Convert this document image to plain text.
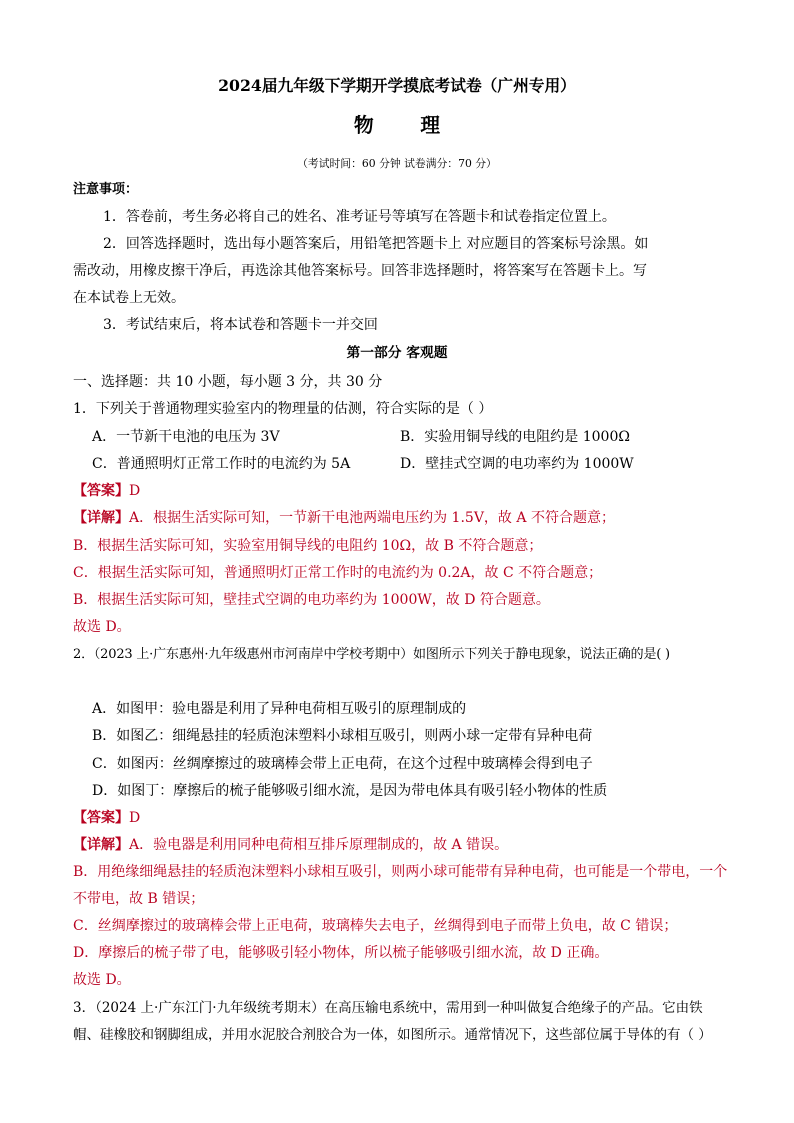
2024届九年级下学期开学摸底考试卷（广州专用）
物 理
（考试时间：60 分钟 试卷满分：70 分）
注意事项：
1．答卷前，考生务必将自己的姓名、准考证号等填写在答题卡和试卷指定位置上。
2．回答选择题时，选出每小题答案后，用铅笔把答题卡上 对应题目的答案标号涂黑。如
需改动，用橡皮擦干净后，再选涂其他答案标号。回答非选择题时，将答案写在答题卡上。写
在本试卷上无效。
3．考试结束后，将本试卷和答题卡一并交回
第一部分 客观题
一、选择题：共 10 小题，每小题 3 分，共 30 分
1．下列关于普通物理实验室内的物理量的估测，符合实际的是（ ）
A．一节新干电池的电压为 3V	B．实验用铜导线的电阻约是 1000Ω
C．普通照明灯正常工作时的电流约为 5A	D．壁挂式空调的电功率约为 1000W
【答案】D
【详解】A．根据生活实际可知，一节新干电池两端电压约为 1.5V，故 A 不符合题意；
B．根据生活实际可知，实验室用铜导线的电阻约 10Ω，故 B 不符合题意；
C．根据生活实际可知，普通照明灯正常工作时的电流约为 0.2A，故 C 不符合题意；
B．根据生活实际可知，壁挂式空调的电功率约为 1000W，故 D 符合题意。
故选 D。
2．（2023 上·广东惠州·九年级惠州市河南岸中学校考期中）如图所示下列关于静电现象，说法正确的是( )
A．如图甲：验电器是利用了异种电荷相互吸引的原理制成的
B．如图乙：细绳悬挂的轻质泡沫塑料小球相互吸引，则两小球一定带有异种电荷
C．如图丙：丝绸摩擦过的玻璃棒会带上正电荷，在这个过程中玻璃棒会得到电子
D．如图丁：摩擦后的梳子能够吸引细水流，是因为带电体具有吸引轻小物体的性质
【答案】D
【详解】A．验电器是利用同种电荷相互排斥原理制成的，故 A 错误。
B．用绝缘细绳悬挂的轻质泡沫塑料小球相互吸引，则两小球可能带有异种电荷，也可能是一个带电，一个
不带电，故 B 错误；
C．丝绸摩擦过的玻璃棒会带上正电荷，玻璃棒失去电子，丝绸得到电子而带上负电，故 C 错误；
D．摩擦后的梳子带了电，能够吸引轻小物体，所以梳子能够吸引细水流，故 D 正确。
故选 D。
3．（2024 上·广东江门·九年级统考期末）在高压输电系统中，需用到一种叫做复合绝缘子的产品。它由铁
帽、硅橡胶和钢脚组成，并用水泥胶合剂胶合为一体，如图所示。通常情况下，这些部位属于导体的有（ ）
